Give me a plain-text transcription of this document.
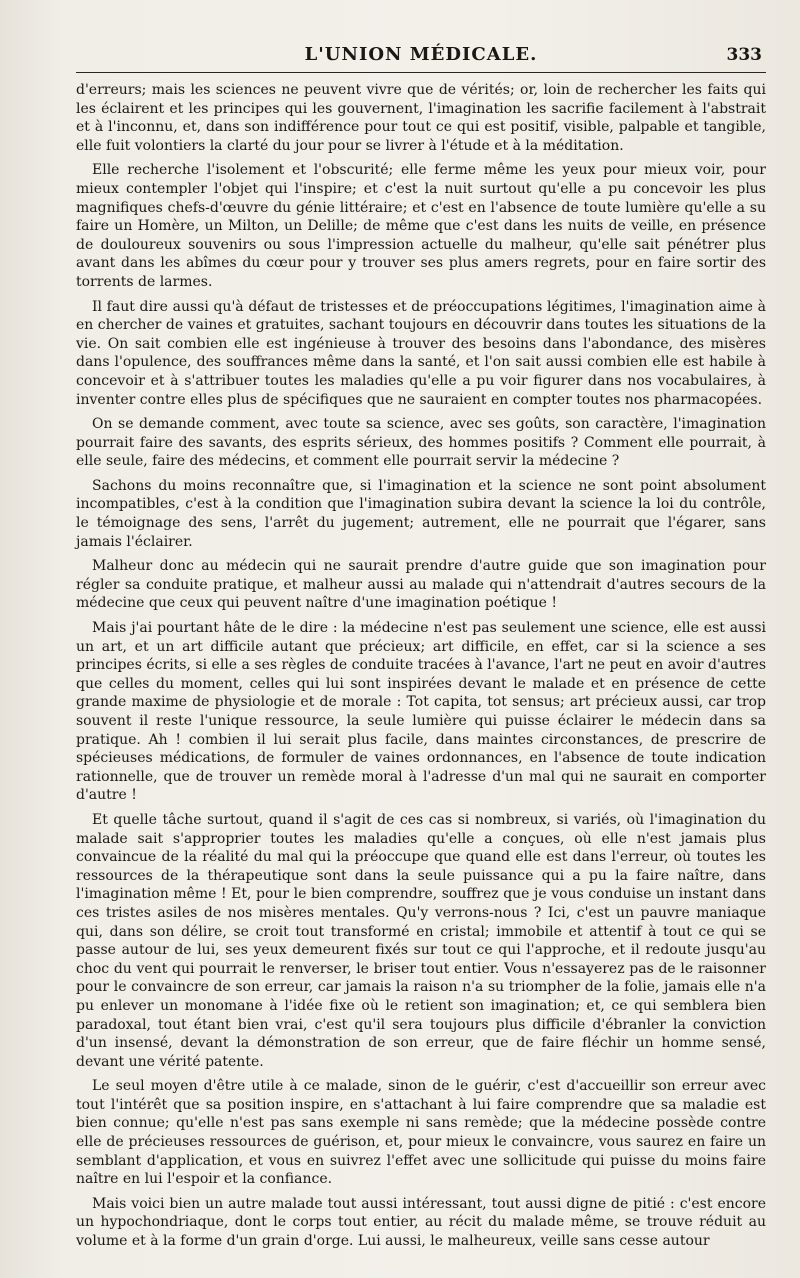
L'UNION MÉDICALE.	333

d'erreurs; mais les sciences ne peuvent vivre que de vérités; or, loin de rechercher les faits qui les éclairent et les principes qui les gouvernent, l'imagination les sacrifie facilement à l'abstrait et à l'inconnu, et, dans son indifférence pour tout ce qui est positif, visible, palpable et tangible, elle fuit volontiers la clarté du jour pour se livrer à l'étude et à la méditation.

Elle recherche l'isolement et l'obscurité; elle ferme même les yeux pour mieux voir, pour mieux contempler l'objet qui l'inspire; et c'est la nuit surtout qu'elle a pu concevoir les plus magnifiques chefs-d'œuvre du génie littéraire; et c'est en l'absence de toute lumière qu'elle a su faire un Homère, un Milton, un Delille; de même que c'est dans les nuits de veille, en présence de douloureux souvenirs ou sous l'impression actuelle du malheur, qu'elle sait pénétrer plus avant dans les abîmes du cœur pour y trouver ses plus amers regrets, pour en faire sortir des torrents de larmes.

Il faut dire aussi qu'à défaut de tristesses et de préoccupations légitimes, l'imagination aime à en chercher de vaines et gratuites, sachant toujours en découvrir dans toutes les situations de la vie. On sait combien elle est ingénieuse à trouver des besoins dans l'abondance, des misères dans l'opulence, des souffrances même dans la santé, et l'on sait aussi combien elle est habile à concevoir et à s'attribuer toutes les maladies qu'elle a pu voir figurer dans nos vocabulaires, à inventer contre elles plus de spécifiques que ne sauraient en compter toutes nos pharmacopées.

On se demande comment, avec toute sa science, avec ses goûts, son caractère, l'imagination pourrait faire des savants, des esprits sérieux, des hommes positifs ? Comment elle pourrait, à elle seule, faire des médecins, et comment elle pourrait servir la médecine ?

Sachons du moins reconnaître que, si l'imagination et la science ne sont point absolument incompatibles, c'est à la condition que l'imagination subira devant la science la loi du contrôle, le témoignage des sens, l'arrêt du jugement; autrement, elle ne pourrait que l'égarer, sans jamais l'éclairer.

Malheur donc au médecin qui ne saurait prendre d'autre guide que son imagination pour régler sa conduite pratique, et malheur aussi au malade qui n'attendrait d'autres secours de la médecine que ceux qui peuvent naître d'une imagination poétique !

Mais j'ai pourtant hâte de le dire : la médecine n'est pas seulement une science, elle est aussi un art, et un art difficile autant que précieux; art difficile, en effet, car si la science a ses principes écrits, si elle a ses règles de conduite tracées à l'avance, l'art ne peut en avoir d'autres que celles du moment, celles qui lui sont inspirées devant le malade et en présence de cette grande maxime de physiologie et de morale : Tot capita, tot sensus; art précieux aussi, car trop souvent il reste l'unique ressource, la seule lumière qui puisse éclairer le médecin dans sa pratique. Ah ! combien il lui serait plus facile, dans maintes circonstances, de prescrire de spécieuses médications, de formuler de vaines ordonnances, en l'absence de toute indication rationnelle, que de trouver un remède moral à l'adresse d'un mal qui ne saurait en comporter d'autre !

Et quelle tâche surtout, quand il s'agit de ces cas si nombreux, si variés, où l'imagination du malade sait s'approprier toutes les maladies qu'elle a conçues, où elle n'est jamais plus convaincue de la réalité du mal qui la préoccupe que quand elle est dans l'erreur, où toutes les ressources de la thérapeutique sont dans la seule puissance qui a pu la faire naître, dans l'imagination même ! Et, pour le bien comprendre, souffrez que je vous conduise un instant dans ces tristes asiles de nos misères mentales. Qu'y verrons-nous ? Ici, c'est un pauvre maniaque qui, dans son délire, se croit tout transformé en cristal; immobile et attentif à tout ce qui se passe autour de lui, ses yeux demeurent fixés sur tout ce qui l'approche, et il redoute jusqu'au choc du vent qui pourrait le renverser, le briser tout entier. Vous n'essayerez pas de le raisonner pour le convaincre de son erreur, car jamais la raison n'a su triompher de la folie, jamais elle n'a pu enlever un monomane à l'idée fixe où le retient son imagination; et, ce qui semblera bien paradoxal, tout étant bien vrai, c'est qu'il sera toujours plus difficile d'ébranler la conviction d'un insensé, devant la démonstration de son erreur, que de faire fléchir un homme sensé, devant une vérité patente.

Le seul moyen d'être utile à ce malade, sinon de le guérir, c'est d'accueillir son erreur avec tout l'intérêt que sa position inspire, en s'attachant à lui faire comprendre que sa maladie est bien connue; qu'elle n'est pas sans exemple ni sans remède; que la médecine possède contre elle de précieuses ressources de guérison, et, pour mieux le convaincre, vous saurez en faire un semblant d'application, et vous en suivrez l'effet avec une sollicitude qui puisse du moins faire naître en lui l'espoir et la confiance.

Mais voici bien un autre malade tout aussi intéressant, tout aussi digne de pitié : c'est encore un hypochondriaque, dont le corps tout entier, au récit du malade même, se trouve réduit au volume et à la forme d'un grain d'orge. Lui aussi, le malheureux, veille sans cesse autour
